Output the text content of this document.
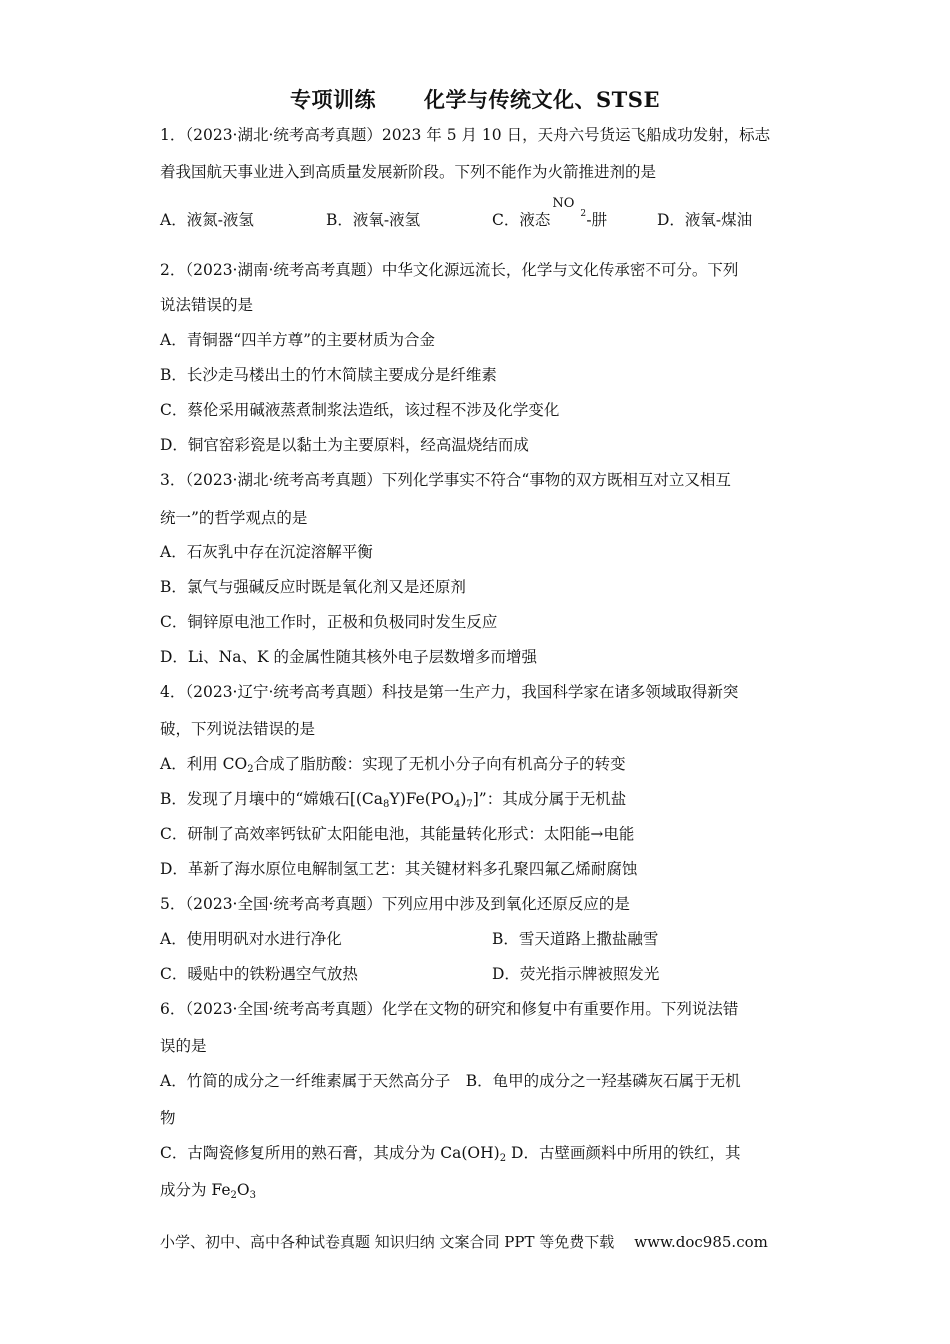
专项训练 化学与传统文化、STSE
1．（2023·湖北·统考高考真题）2023 年 5 月 10 日，天舟六号货运飞船成功发射，标志
着我国航天事业进入到高质量发展新阶段。下列不能作为火箭推进剂的是
A．液氮-液氢	B．液氧-液氢	C．液态
NO
2 -肼	D．液氧-煤油
2．（2023·湖南·统考高考真题）中华文化源远流长，化学与文化传承密不可分。下列
说法错误的是
A．青铜器“四羊方尊”的主要材质为合金
B．长沙走马楼出土的竹木简牍主要成分是纤维素
C．蔡伦采用碱液蒸煮制浆法造纸，该过程不涉及化学变化
D．铜官窑彩瓷是以黏土为主要原料，经高温烧结而成
3．（2023·湖北·统考高考真题）下列化学事实不符合“事物的双方既相互对立又相互
统一”的哲学观点的是
A．石灰乳中存在沉淀溶解平衡
B．氯气与强碱反应时既是氧化剂又是还原剂
C．铜锌原电池工作时，正极和负极同时发生反应
D．Li、Na、K 的金属性随其核外电子层数增多而增强
4．（2023·辽宁·统考高考真题）科技是第一生产力，我国科学家在诸多领域取得新突
破，下列说法错误的是
A．利用 $CO_2$合成了脂肪酸：实现了无机小分子向有机高分子的转变
B．发现了月壤中的“嫦娥石$[(Ca_8Y)Fe(PO_4)_7]$”：其成分属于无机盐
C．研制了高效率钙钛矿太阳能电池，其能量转化形式：太阳能→电能
D．革新了海水原位电解制氢工艺：其关键材料多孔聚四氟乙烯耐腐蚀
5．（2023·全国·统考高考真题）下列应用中涉及到氧化还原反应的是
A．使用明矾对水进行净化	B．雪天道路上撒盐融雪
C．暖贴中的铁粉遇空气放热	D．荧光指示牌被照发光
6．（2023·全国·统考高考真题）化学在文物的研究和修复中有重要作用。下列说法错
误的是
A．竹简的成分之一纤维素属于天然高分子　B．龟甲的成分之一羟基磷灰石属于无机
物
C．古陶瓷修复所用的熟石膏，其成分为 $Ca(OH)_2$ D．古壁画颜料中所用的铁红，其
成分为 $Fe_2O_3$
小学、初中、高中各种试卷真题 知识归纳 文案合同 PPT 等免费下载 www.doc985.com
